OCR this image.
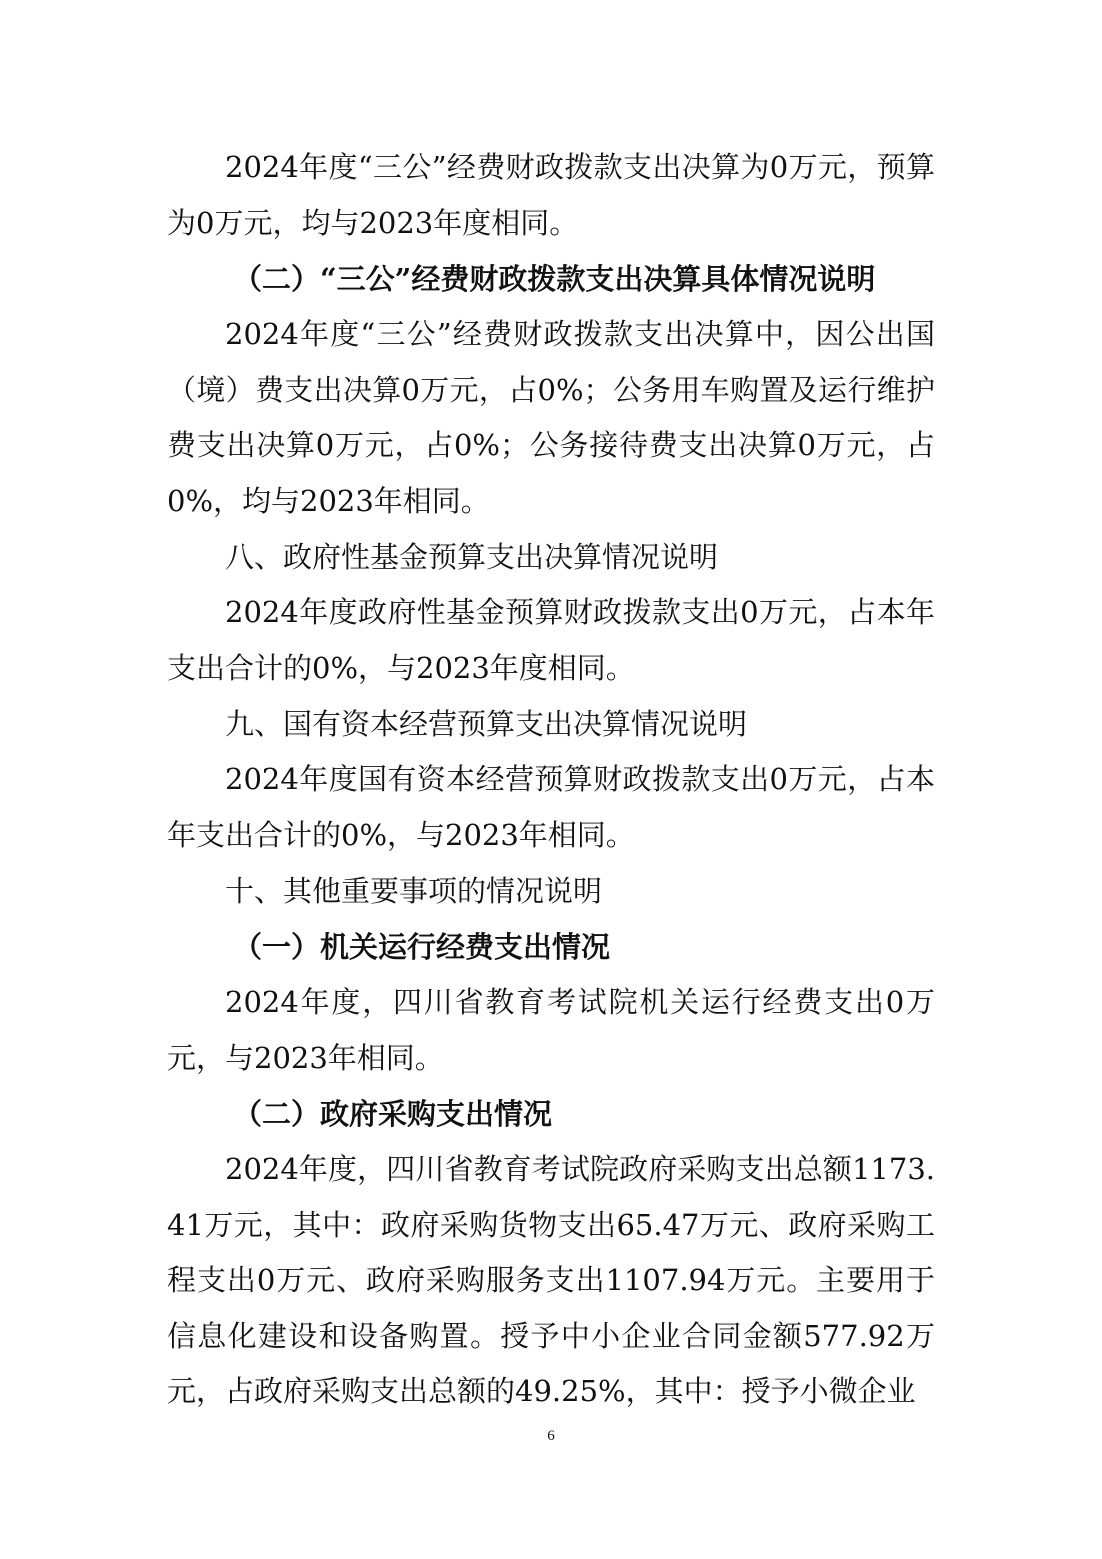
2024年度“三公”经费财政拨款支出决算为0万元，预算为0万元，均与2023年度相同。

（二）“三公”经费财政拨款支出决算具体情况说明

2024年度“三公”经费财政拨款支出决算中，因公出国（境）费支出决算0万元，占0%；公务用车购置及运行维护费支出决算0万元，占0%；公务接待费支出决算0万元，占0%，均与2023年相同。

八、政府性基金预算支出决算情况说明

2024年度政府性基金预算财政拨款支出0万元，占本年支出合计的0%，与2023年度相同。

九、国有资本经营预算支出决算情况说明

2024年度国有资本经营预算财政拨款支出0万元，占本年支出合计的0%，与2023年相同。

十、其他重要事项的情况说明

（一）机关运行经费支出情况

2024年度，四川省教育考试院机关运行经费支出0万元，与2023年相同。

（二）政府采购支出情况

2024年度，四川省教育考试院政府采购支出总额1173.41万元，其中：政府采购货物支出65.47万元、政府采购工程支出0万元、政府采购服务支出1107.94万元。主要用于信息化建设和设备购置。授予中小企业合同金额577.92万元，占政府采购支出总额的49.25%，其中：授予小微企业

6
